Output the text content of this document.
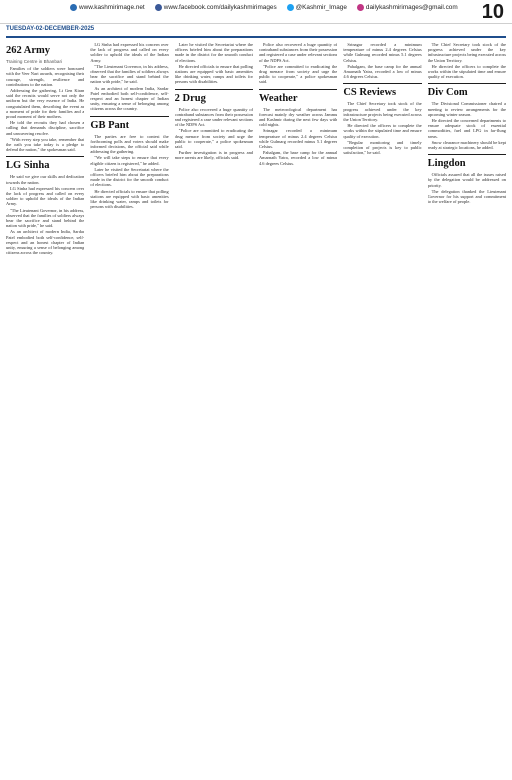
www.kashmirimage.net	www.facebook.com/dailykashmirimages	@Kashmir_Image	dailykashmirimages@gmail.com 10
TUESDAY-02-DECEMBER-2025
262 Army
Training Centre in Bhanbari

Families of the soldiers were honoured with the Veer Nari awards, recognising their courage, strength, resilience and contributions to the nation.

Addressing the gathering, Lt Gen Kiran said the recruits would serve not only the uniform but the very essence of India. He congratulated them, describing the event as a moment of pride for their families and a proud moment of their mothers.

He told the recruits they had chosen a calling that demands discipline, sacrifice and unwavering resolve.

"With every step you take, remember that the oath you take today is a pledge to defend the nation," the spokesman said.

LG Sinha

He said we give our skills and dedication towards the nation.

LG Sinha had expressed his concern over the lack of progress and called on every soldier to uphold the ideals of the Indian Army.

"The Lieutenant Governor, in his address, observed that the families of soldiers always bear the sacrifice and stand behind the nation with pride," he said.

As an architect of modern India, Sardar Patel embodied both self-confidence, self-respect and an honest chapter of Indian unity, ensuring a sense of belonging among citizens across the country.

LG Sinha had expressed his concern over the lack of progress and called on every soldier to uphold the ideals of the Indian Army.

"The Lieutenant Governor, in his address, observed that the families of soldiers always bear the sacrifice and stand behind the nation with pride," he said.

As an architect of modern India, Sardar Patel embodied both self-confidence, self-respect and an honest chapter of Indian unity, ensuring a sense of belonging among citizens across the country.

GB Pant

The parties are free to contest the forthcoming polls and voters should make informed decisions, the official said while addressing the gathering.

"We will take steps to ensure that every eligible citizen is registered," he added.

Later he visited the Secretariat where the officers briefed him about the preparations made in the district for the smooth conduct of elections.

He directed officials to ensure that polling stations are equipped with basic amenities like drinking water, ramps and toilets for persons with disabilities.

Later he visited the Secretariat where the officers briefed him about the preparations made in the district for the smooth conduct of elections.

He directed officials to ensure that polling stations are equipped with basic amenities like drinking water, ramps and toilets for persons with disabilities.

2 Drug

Police also recovered a huge quantity of contraband substances from their possession and registered a case under relevant sections of the NDPS Act.

"Police are committed to eradicating the drug menace from society and urge the public to cooperate," a police spokesman said.

Further investigation is in progress and more arrests are likely, officials said.

Police also recovered a huge quantity of contraband substances from their possession and registered a case under relevant sections of the NDPS Act.

"Police are committed to eradicating the drug menace from society and urge the public to cooperate," a police spokesman said.

Weather

The meteorological department has forecast mainly dry weather across Jammu and Kashmir during the next few days with cold nights.

Srinagar recorded a minimum temperature of minus 2.4 degrees Celsius while Gulmarg recorded minus 5.1 degrees Celsius.

Pahalgam, the base camp for the annual Amarnath Yatra, recorded a low of minus 4.6 degrees Celsius.

Srinagar recorded a minimum temperature of minus 2.4 degrees Celsius while Gulmarg recorded minus 5.1 degrees Celsius.

Pahalgam, the base camp for the annual Amarnath Yatra, recorded a low of minus 4.6 degrees Celsius.

CS Reviews

The Chief Secretary took stock of the progress achieved under the key infrastructure projects being executed across the Union Territory.

He directed the officers to complete the works within the stipulated time and ensure quality of execution.

"Regular monitoring and timely completion of projects is key to public satisfaction," he said.

The Chief Secretary took stock of the progress achieved under the key infrastructure projects being executed across the Union Territory.

He directed the officers to complete the works within the stipulated time and ensure quality of execution.

Div Com

The Divisional Commissioner chaired a meeting to review arrangements for the upcoming winter season.

He directed the concerned departments to ensure adequate stock of essential commodities, fuel and LPG in far-flung areas.

Snow clearance machinery should be kept ready at strategic locations, he added.

Lingdon

Officials assured that all the issues raised by the delegation would be addressed on priority.

The delegation thanked the Lieutenant Governor for his support and commitment to the welfare of people.
